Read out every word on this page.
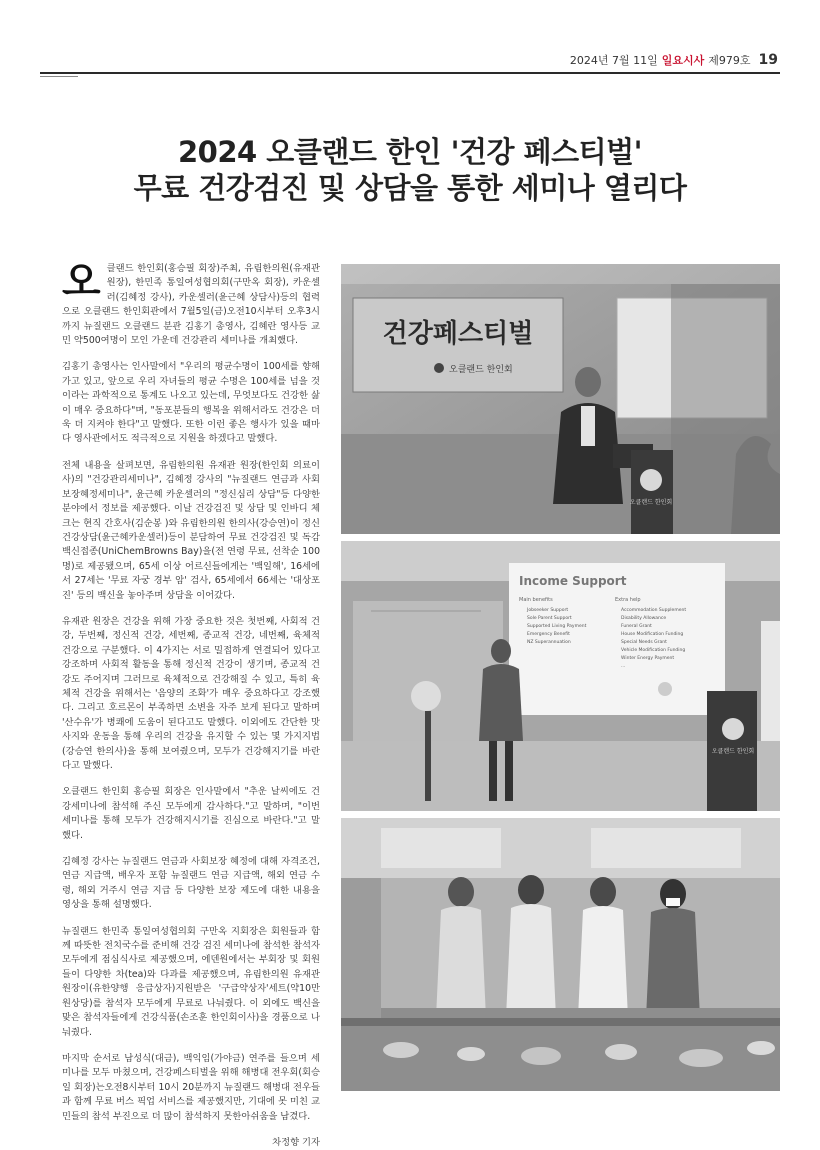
2024년 7월 11일 일요시사 제979호 19
2024 오클랜드 한인 '건강 페스티벌'
무료 건강검진 및 상담을 통한 세미나 열리다

오클랜드 한인회(홍승필 회장)주최, 유림한의원(유재관 원장), 한민족 통일여성협의회(구만옥 회장), 카운셀러(김혜정 강사), 카운셀러(윤근혜 상담사)등의 협력으로 오클랜드 한인회관에서 7월5일(금)오전10시부터 오후3시까지 뉴질랜드 오클랜드 분관 김홍기 총영사, 김혜란 영사등 교민 약500여명이 모인 가운데 건강관리 세미나를 개최했다.

김홍기 총영사는 인사말에서 "우리의 평균수명이 100세를 향해 가고 있고, 앞으로 우리 자녀들의 평균 수명은 100세를 넘을 것이라는 과학적으로 통계도 나오고 있는데, 무엇보다도 건강한 삶이 매우 중요하다"며, "동포분들의 행복을 위해서라도 건강은 더욱 더 지켜야 한다"고 말했다. 또한 이런 좋은 행사가 있을 때마다 영사관에서도 적극적으로 지원을 하겠다고 말했다.

전체 내용을 살펴보면, 유림한의원 유재관 원장(한인회 의료이사)의 "건강관리세미나", 김혜정 강사의 "뉴질랜드 연금과 사회보장혜정세미나", 윤근혜 카운셀러의 "정신심리 상담"등 다양한 분야에서 정보를 제공했다. 이날 건강검진 및 상담 및 인바디 체크는 현직 간호사(김순봉 )와 유림한의원 한의사(강승연)이 정신건강상담(윤근혜카운셀러)등이 분담하여 무료 건강검진 및 독감백신접종(UniChemBrowns Bay)을(전 연령 무료, 선착순 100명)로 제공됐으며, 65세 이상 어르신들에게는 '백일해', 16세에서 27세는 '무료 자궁 경부 암' 검사, 65세에서 66세는 '대상포진' 등의 백신을 놓아주며 상담을 이어갔다.

유재관 원장은 건강을 위해 가장 중요한 것은 첫번째, 사회적 건강, 두번째, 정신적 건강, 세번째, 종교적 건강, 네번째, 육체적 건강으로 구분했다. 이 4가지는 서로 밀접하게 연결되어 있다고 강조하며 사회적 활동을 통해 정신적 건강이 생기며, 종교적 건강도 주어지며 그러므로 육체적으로 건강해질 수 있고, 특히 육체적 건강을 위해서는 '음양의 조화'가 매우 중요하다고 강조했다. 그리고 호르몬이 부족하면 소변을 자주 보게 된다고 말하며 '산수유'가 병쾌에 도움이 된다고도 말했다. 이외에도 간단한 맛사지와 운동을 통해 우리의 건강을 유지할 수 있는 몇 가지지법(강승연 한의사)을 통해 보여줬으며, 모두가 건강해지기를 바란다고 말했다.

오클랜드 한인회 홍승필 회장은 인사말에서 "추운 날씨에도 건강세미나에 참석해 주신 모두에게 감사하다."고 말하며, "이번 세미나를 통해 모두가 건강해지시기를 진심으로 바란다."고 말했다.

김혜정 강사는 뉴질랜드 연금과 사회보장 혜정에 대해 자격조건, 연금 지급액, 배우자 포함 뉴질랜드 연금 지급액, 해외 연금 수령, 해외 거주시 연금 지급 등 다양한 보장 제도에 대한 내용을 영상을 통해 설명했다.

뉴질랜드 한민족 통일여성협의회 구만옥 지회장은 회원들과 함께 따뜻한 전치국수를 준비해 건강 검진 세미나에 참석한 참석자 모두에게 점심식사로 제공했으며, 에덴원에서는 부회장 및 회원들이 다양한 차(tea)와 다과를 제공했으며, 유림한의원 유재관 원장이(유한양행 응급상자)지원받은 '구급약상자'세트(약10만원상당)를 참석자 모두에게 무료로 나눠줬다. 이 외에도 백신을 맞은 참석자들에게 건강식품(손조훈 한인회이사)을 경품으로 나눠줬다.

마지막 순서로 남성식(대금), 백익임(가야금) 연주를 들으며 세미나를 모두 마쳤으며, 건강페스티벌을 위해 해병대 전우회(회승일 회장)는오전8시부터 10시 20분까지 뉴질랜드 해병대 전우들과 함께 무료 버스 픽업 서비스를 제공했지만, 기대에 못 미친 교민들의 참석 부진으로 더 많이 참석하지 못한아쉬움을 남겼다.

차정향 기자
건강페스티벌
오클랜드 한인회
오클랜드 한인회
Income Support
Main benefits
Jobseeker Support
Sole Parent Support
Supported Living Payment
Emergency Benefit
NZ Superannuation
Extra help
Accommodation Supplement
Disability Allowance
Funeral Grant
House Modification Funding
Special Needs Grant
Vehicle Modification Funding
Winter Energy Payment
...
오클랜드 한인회
